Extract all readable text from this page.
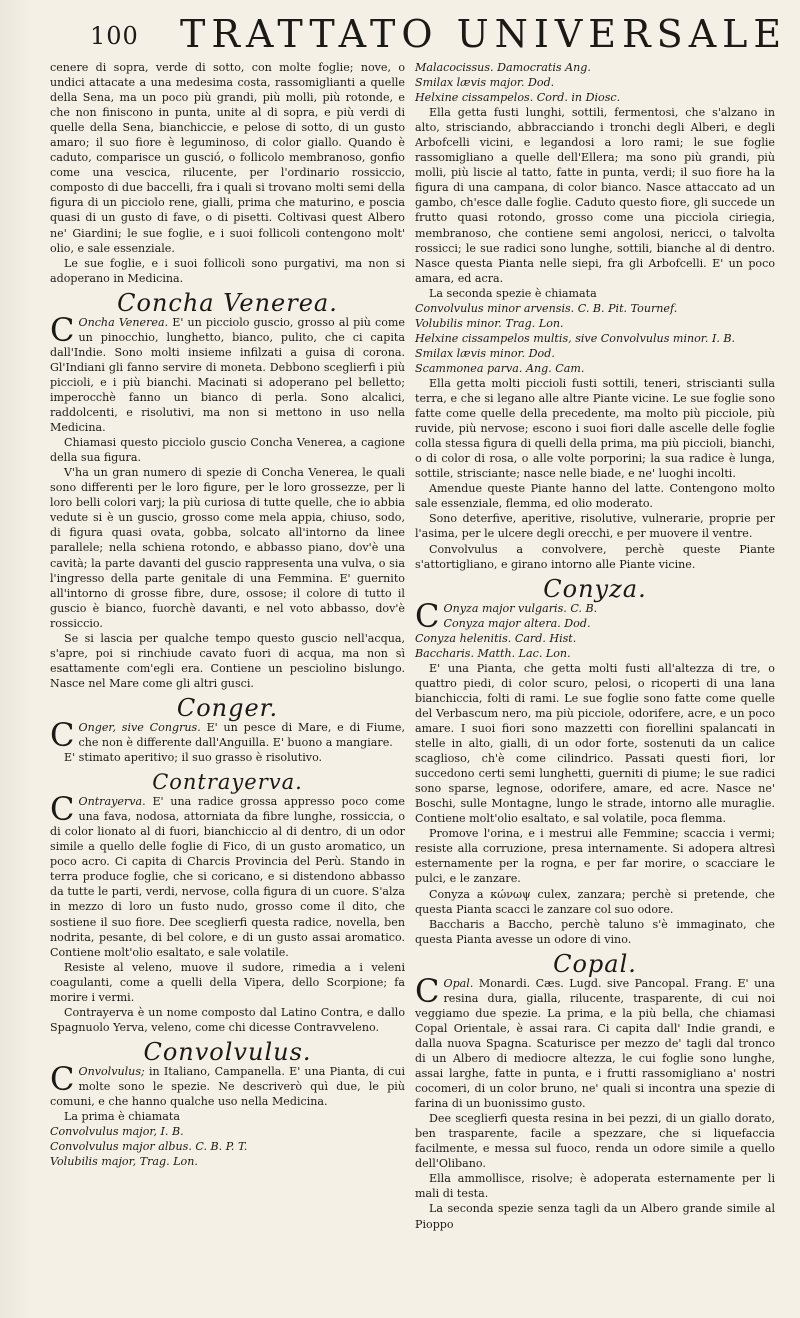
100 TRATTATO UNIVERSALE

cenere di sopra, verde di sotto, con molte foglie; nove, o undici attacate a una medesima costa, rassomiglianti a quelle della Sena, ma un poco più grandi, più molli, più rotonde, e che non finiscono in punta, unite al di sopra, e più verdi di quelle della Sena, bianchiccie, e pelose di sotto, di un gusto amaro; il suo fiore è leguminoso, di color giallo. Quando è caduto, comparisce un gusció, o follicolo membranoso, gonfio come una vescica, rilucente, per l'ordinario rossiccio, composto di due baccelli, fra i quali si trovano molti semi della figura di un picciolo rene, gialli, prima che maturino, e poscia quasi di un gusto di fave, o di pisetti. Coltivasi quest Albero ne' Giardini; le sue foglie, e i suoi follicoli contengono molt' olio, e sale essenziale.

Le sue foglie, e i suoi follicoli sono purgativi, ma non si adoperano in Medicina.

Concha Venerea.

C Oncha Venerea. E' un picciolo guscio, grosso al più come un pinocchio, lunghetto, bianco, pulito, che ci capita dall'Indie. Sono molti insieme infilzati a guisa di corona. Gl'Indiani gli fanno servire di moneta. Debbono sceglierfi i più piccioli, e i più bianchi. Macinati si adoperano pel belletto; imperocchè fanno un bianco di perla. Sono alcalici, raddolcenti, e risolutivi, ma non si mettono in uso nella Medicina.

Chiamasi questo picciolo guscio Concha Venerea, a cagione della sua figura.

V'ha un gran numero di spezie di Concha Venerea, le quali sono differenti per le loro figure, per le loro grossezze, per li loro belli colori varj; la più curiosa di tutte quelle, che io abbia vedute si è un guscio, grosso come mela appia, chiuso, sodo, di figura quasi ovata, gobba, solcato all'intorno da linee parallele; nella schiena rotondo, e abbasso piano, dov'è una cavità; la parte davanti del guscio rappresenta una vulva, o sia l'ingresso della parte genitale di una Femmina. E' guernito all'intorno di grosse fibre, dure, ossose; il colore di tutto il guscio è bianco, fuorchè davanti, e nel voto abbasso, dov'è rossiccio.

Se si lascia per qualche tempo questo guscio nell'acqua, s'apre, poi si rinchiude cavato fuori di acqua, ma non sì esattamente com'egli era. Contiene un pesciolino bislungo. Nasce nel Mare come gli altri gusci.

Conger.

C Onger, sive Congrus. E' un pesce di Mare, e di Fiume, che non è differente dall'Anguilla. E' buono a mangiare.

E' stimato aperitivo; il suo grasso è risolutivo.

Contrayerva.

C Ontrayerva. E' una radice grossa appresso poco come una fava, nodosa, attorniata da fibre lunghe, rossiccia, o di color lionato al di fuori, bianchiccio al di dentro, di un odor simile a quello delle foglie di Fico, di un gusto aromatico, un poco acro. Ci capita di Charcis Provincia del Perù. Stando in terra produce foglie, che si coricano, e si distendono abbasso da tutte le parti, verdi, nervose, colla figura di un cuore. S'alza in mezzo di loro un fusto nudo, grosso come il dito, che sostiene il suo fiore. Dee sceglierfi questa radice, novella, ben nodrita, pesante, di bel colore, e di un gusto assai aromatico. Contiene molt'olio esaltato, e sale volatile.

Resiste al veleno, muove il sudore, rimedia a i veleni coagulanti, come a quelli della Vipera, dello Scorpione; fa morire i vermi.

Contrayerva è un nome composto dal Latino Contra, e dallo Spagnuolo Yerva, veleno, come chi dicesse Contravveleno.

Convolvulus.

C Onvolvulus; in Italiano, Campanella. E' una Pianta, di cui molte sono le spezie. Ne descriverò quì due, le più comuni, e che hanno qualche uso nella Medicina.

La prima è chiamata

Convolvulus major, I. B.

Convolvulus major albus. C. B. P. T.

Volubilis major, Trag. Lon.

Malacocissus. Damocratis Ang.

Smilax lævis major. Dod.

Helxine cissampelos. Cord. in Diosc.

Ella getta fusti lunghi, sottili, fermentosi, che s'alzano in alto, strisciando, abbracciando i tronchi degli Alberi, e degli Arbofcelli vicini, e legandosi a loro rami; le sue foglie rassomigliano a quelle dell'Ellera; ma sono più grandi, più molli, più liscie al tatto, fatte in punta, verdi; il suo fiore ha la figura di una campana, di color bianco. Nasce attaccato ad un gambo, ch'esce dalle foglie. Caduto questo fiore, gli succede un frutto quasi rotondo, grosso come una picciola ciriegia, membranoso, che contiene semi angolosi, nericci, o talvolta rossicci; le sue radici sono lunghe, sottili, bianche al di dentro. Nasce questa Pianta nelle siepi, fra gli Arbofcelli. E' un poco amara, ed acra.

La seconda spezie è chiamata

Convolvulus minor arvensis. C. B. Pit. Tournef.

Volubilis minor. Trag. Lon.

Helxine cissampelos multis, sive Convolvulus minor. I. B.

Smilax lævis minor. Dod.

Scammonea parva. Ang. Cam.

Ella getta molti piccioli fusti sottili, teneri, striscianti sulla terra, e che si legano alle altre Piante vicine. Le sue foglie sono fatte come quelle della precedente, ma molto più picciole, più ruvide, più nervose; escono i suoi fiori dalle ascelle delle foglie colla stessa figura di quelli della prima, ma più piccioli, bianchi, o di color di rosa, o alle volte porporini; la sua radice è lunga, sottile, strisciante; nasce nelle biade, e ne' luoghi incolti.

Amendue queste Piante hanno del latte. Contengono molto sale essenziale, flemma, ed olio moderato.

Sono deterfive, aperitive, risolutive, vulnerarie, proprie per l'asima, per le ulcere degli orecchi, e per muovere il ventre.

Convolvulus a convolvere, perchè queste Piante s'attortigliano, e girano intorno alle Piante vicine.

Conyza.

C Onyza major vulgaris. C. B.

Conyza major altera. Dod.

Conyza helenitis. Card. Hist.

Baccharis. Matth. Lac. Lon.

E' una Pianta, che getta molti fusti all'altezza di tre, o quattro piedi, di color scuro, pelosi, o ricoperti di una lana bianchiccia, folti di rami. Le sue foglie sono fatte come quelle del Verbascum nero, ma più picciole, odorifere, acre, e un poco amare. I suoi fiori sono mazzetti con fiorellini spalancati in stelle in alto, gialli, di un odor forte, sostenuti da un calice scaglioso, ch'è come cilindrico. Passati questi fiori, lor succedono certi semi lunghetti, guerniti di piume; le sue radici sono sparse, legnose, odorifere, amare, ed acre. Nasce ne' Boschi, sulle Montagne, lungo le strade, intorno alle muraglie. Contiene molt'olio esaltato, e sal volatile, poca flemma.

Promove l'orina, e i mestrui alle Femmine; scaccia i vermi; resiste alla corruzione, presa internamente. Si adopera altresì esternamente per la rogna, e per far morire, o scacciare le pulci, e le zanzare.

Conyza a κώνωψ culex, zanzara; perchè si pretende, che questa Pianta scacci le zanzare col suo odore.

Baccharis a Baccho, perchè taluno s'è immaginato, che questa Pianta avesse un odore di vino.

Copal.

C Opal. Monardi. Cæs. Lugd. sive Pancopal. Frang. E' una resina dura, gialla, rilucente, trasparente, di cui noi veggiamo due spezie. La prima, e la più bella, che chiamasi Copal Orientale, è assai rara. Ci capita dall' Indie grandi, e dalla nuova Spagna. Scaturisce per mezzo de' tagli dal tronco di un Albero di mediocre altezza, le cui foglie sono lunghe, assai larghe, fatte in punta, e i frutti rassomigliano a' nostri cocomeri, di un color bruno, ne' quali si incontra una spezie di farina di un buonissimo gusto.

Dee sceglierfi questa resina in bei pezzi, di un giallo dorato, ben trasparente, facile a spezzare, che si liquefaccia facilmente, e messa sul fuoco, renda un odore simile a quello dell'Olibano.

Ella ammollisce, risolve; è adoperata esternamente per li mali di testa.

La seconda spezie senza tagli da un Albero grande simile al Pioppo
